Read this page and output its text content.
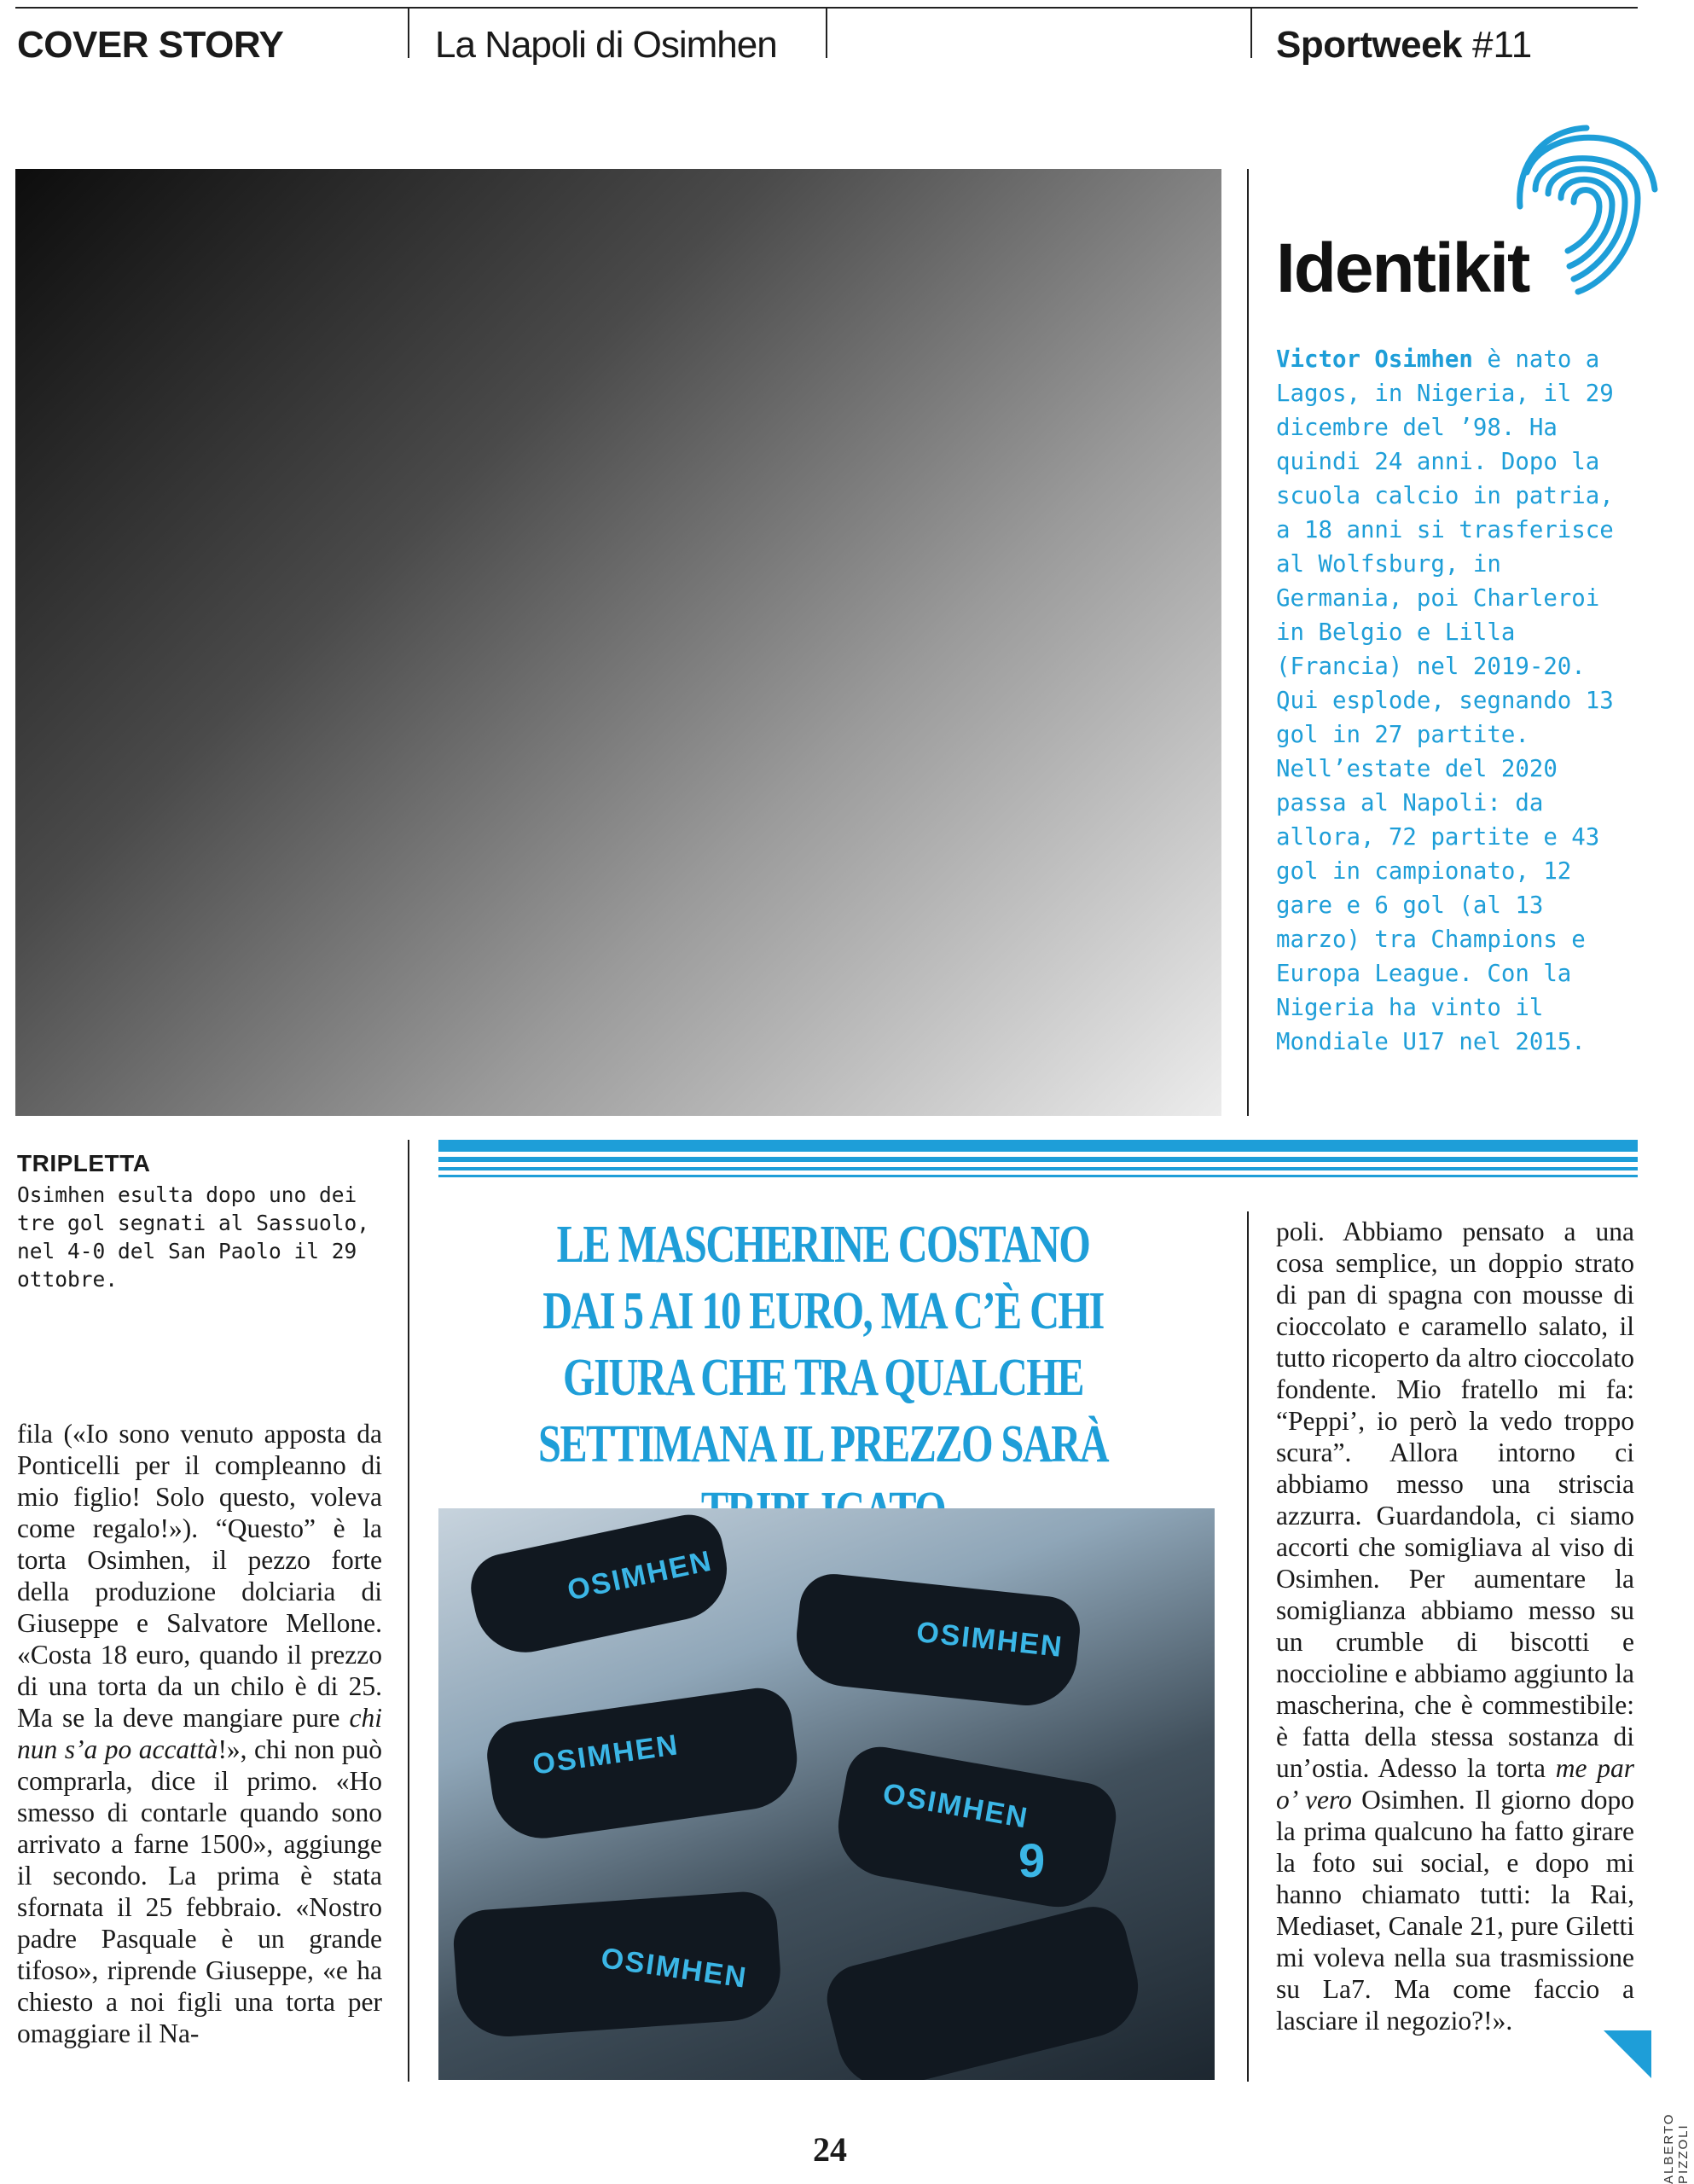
COVER STORY	La Napoli di Osimhen	Sportweek #11
Identikit
Victor Osimhen è nato a Lagos, in Nigeria, il 29 dicembre del ’98. Ha quindi 24 anni. Dopo la scuola calcio in patria, a 18 anni si trasferisce al Wolfsburg, in Germania, poi Charleroi in Belgio e Lilla (Francia) nel 2019-20. Qui esplode, segnando 13 gol in 27 partite. Nell’estate del 2020 passa al Napoli: da allora, 72 partite e 43 gol in campionato, 12 gare e 6 gol (al 13 marzo) tra Champions e Europa League. Con la Nigeria ha vinto il Mondiale U17 nel 2015.
TRIPLETTA
Osimhen esulta dopo uno dei tre gol segnati al Sassuolo, nel 4-0 del San Paolo il 29 ottobre.
LE MASCHERINE COSTANO DAI 5 AI 10 EURO, MA C’È CHI GIURA CHE TRA QUALCHE SETTIMANA IL PREZZO SARÀ
fila («Io sono venuto apposta da Ponticelli per il compleanno di mio figlio! Solo questo, voleva come regalo!»). “Questo” è la torta Osimhen, il pezzo forte della produzione dolciaria di Giuseppe e Salvatore Mellone. «Costa 18 euro, quando il prezzo di una torta da un chilo è di 25. Ma se la deve mangiare pure chi nun s’a po accattà!», chi non può comprarla, dice il primo. «Ho smesso di contarle quando sono arrivato a farne 1500», aggiunge il secondo. La prima è stata sfornata il 25 febbraio. «Nostro padre Pasquale è un grande tifoso», riprende Giuseppe, «e ha chiesto a noi figli una torta per omaggiare il Na-
OSIMHEN
OSIMHEN
OSIMHEN
OSIMHEN
9
OSIMHEN
poli. Abbiamo pensato a una cosa semplice, un doppio strato di pan di spagna con mousse di cioccolato e caramello salato, il tutto ricoperto da altro cioccolato fondente. Mio fratello mi fa: “Peppi’, io però la vedo troppo scura”. Allora intorno ci abbiamo messo una striscia azzurra. Guardandola, ci siamo accorti che somigliava al viso di Osimhen. Per aumentare la somiglianza abbiamo messo su un crumble di biscotti e noccioline e abbiamo aggiunto la mascherina, che è commestibile: è fatta della stessa sostanza di un’ostia. Adesso la torta me par o’ vero Osimhen. Il giorno dopo la prima qualcuno ha fatto girare la foto sui social, e dopo mi hanno chiamato tutti: la Rai, Mediaset, Canale 21, pure Giletti mi voleva nella sua trasmissione su La7. Ma come faccio a lasciare il negozio?!».
ALBERTO PIZZOLI
24
